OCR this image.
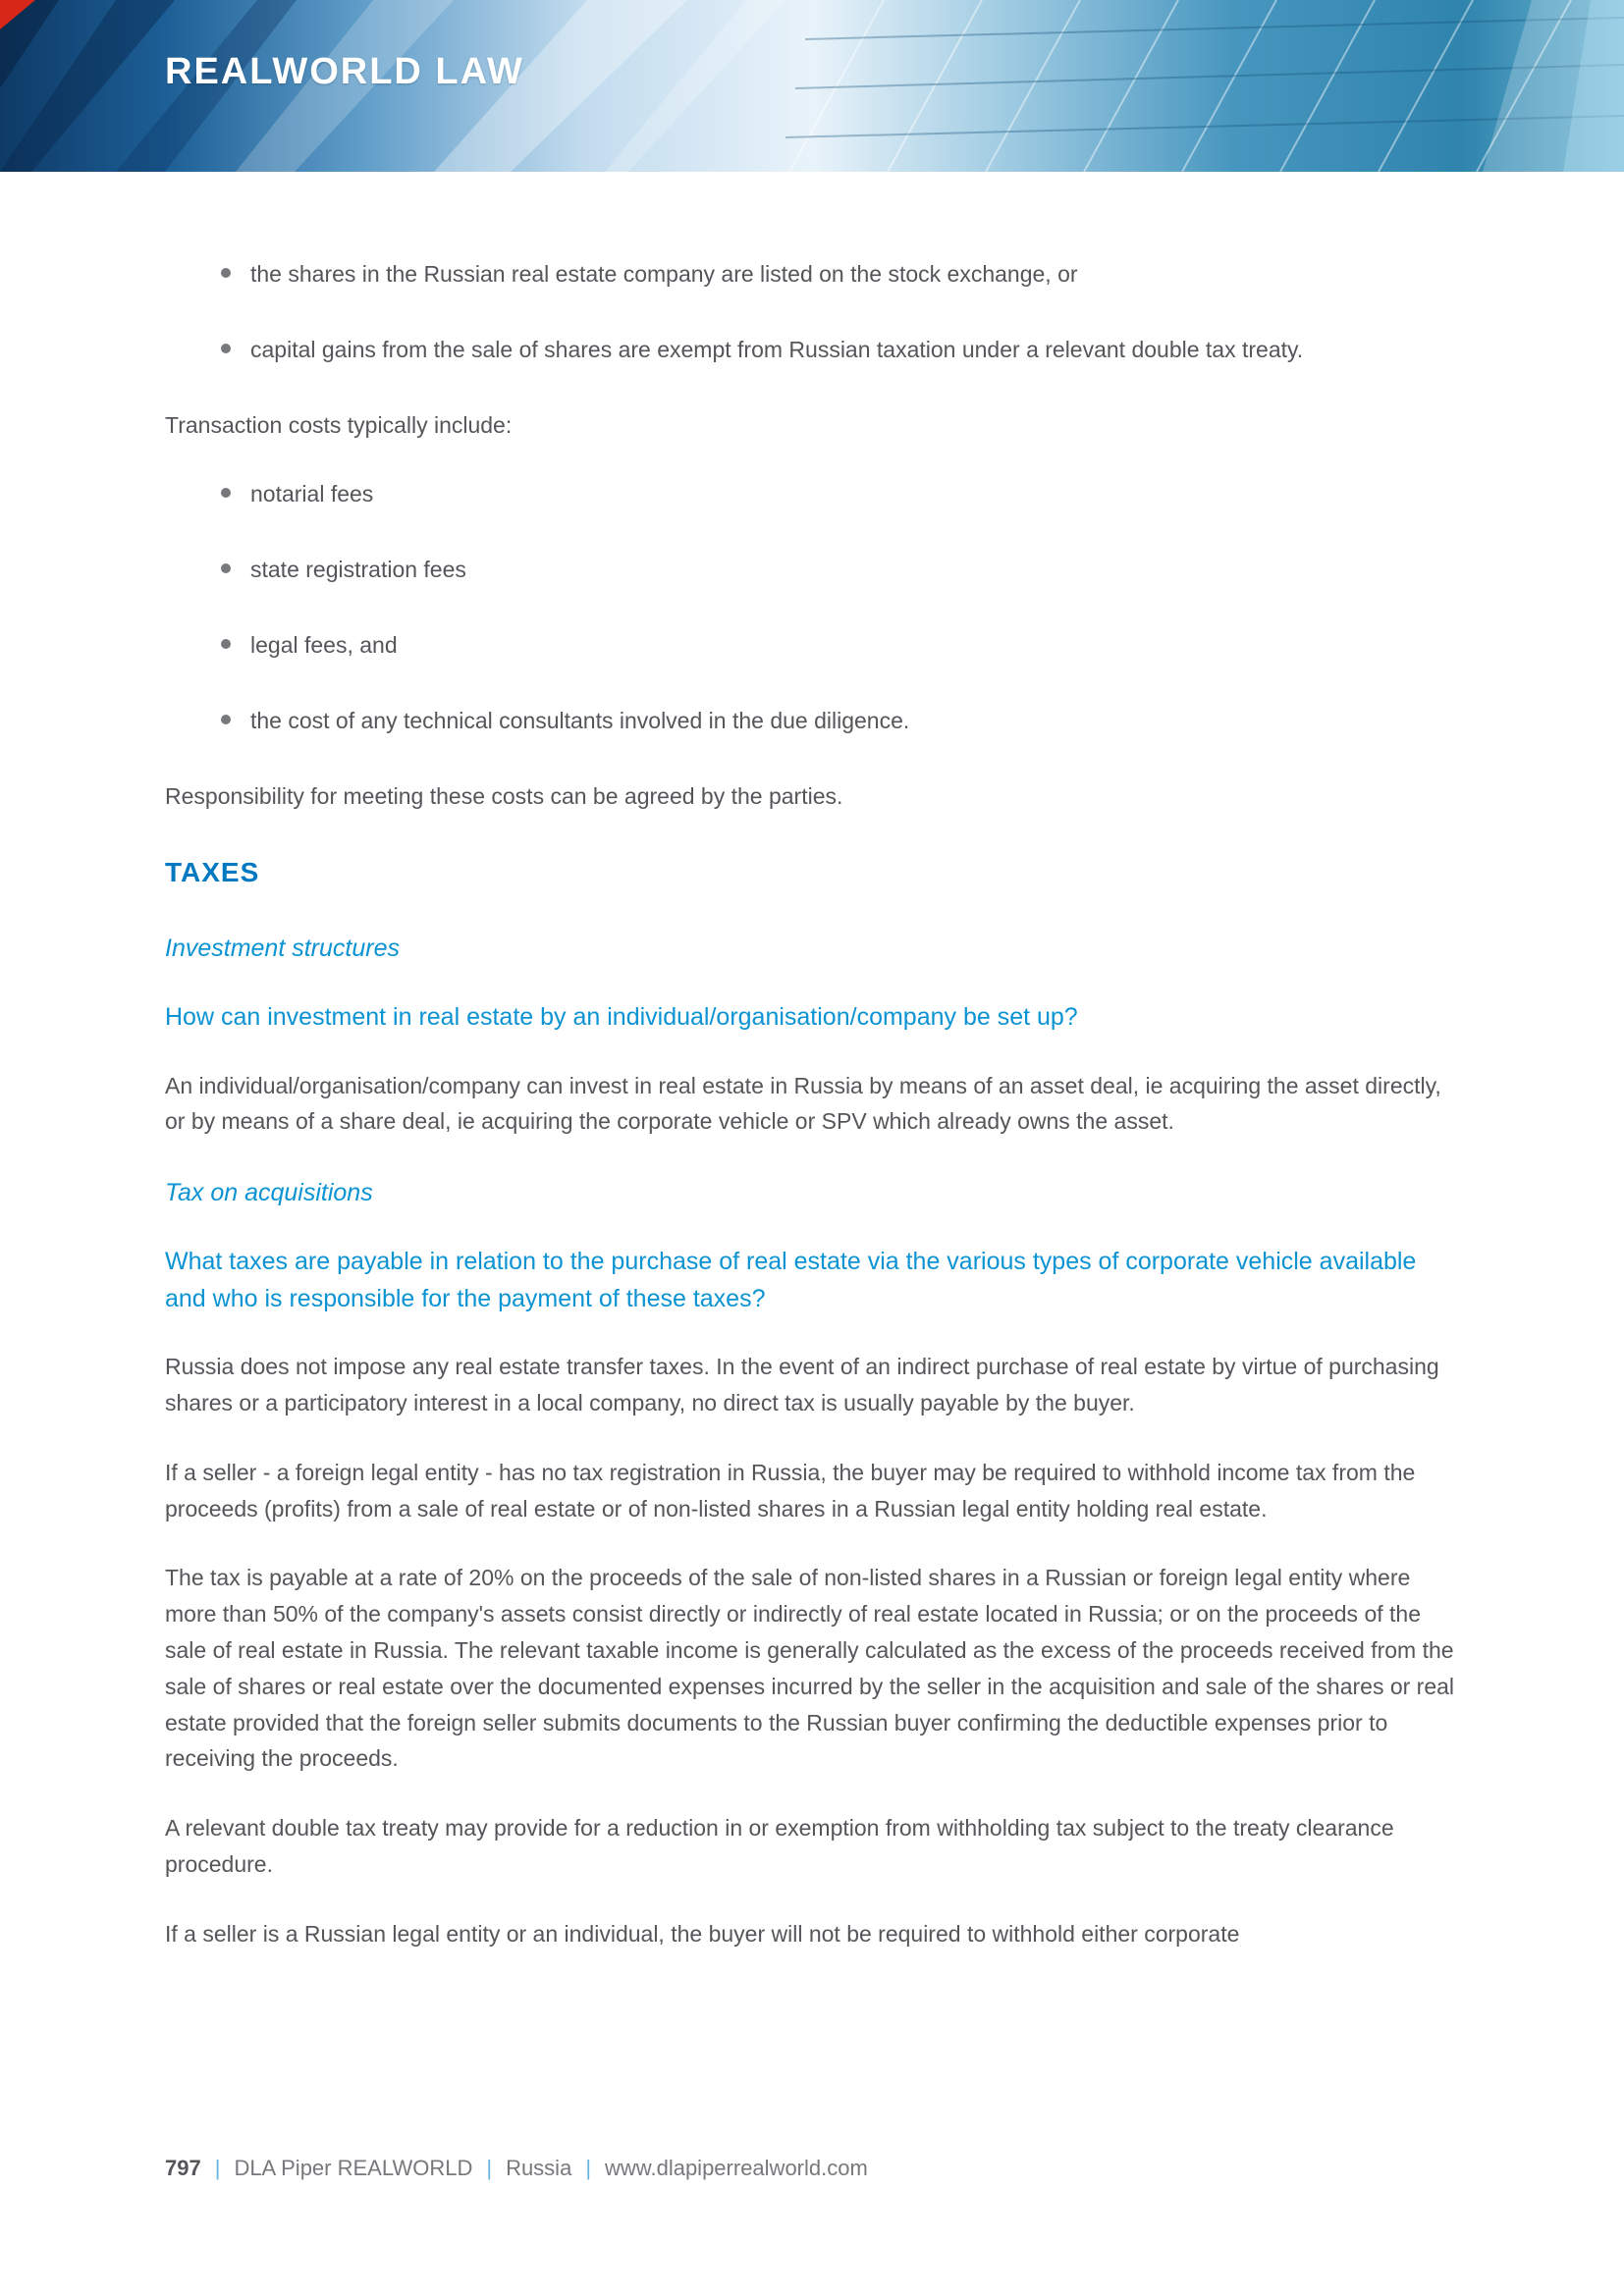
REALWORLD LAW
the shares in the Russian real estate company are listed on the stock exchange, or
capital gains from the sale of shares are exempt from Russian taxation under a relevant double tax treaty.

Transaction costs typically include:

notarial fees
state registration fees
legal fees, and
the cost of any technical consultants involved in the due diligence.

Responsibility for meeting these costs can be agreed by the parties.

TAXES
Investment structures
How can investment in real estate by an individual/organisation/company be set up?

An individual/organisation/company can invest in real estate in Russia by means of an asset deal, ie acquiring the asset directly, or by means of a share deal, ie acquiring the corporate vehicle or SPV which already owns the asset.

Tax on acquisitions
What taxes are payable in relation to the purchase of real estate via the various types of corporate vehicle available and who is responsible for the payment of these taxes?

Russia does not impose any real estate transfer taxes. In the event of an indirect purchase of real estate by virtue of purchasing shares or a participatory interest in a local company, no direct tax is usually payable by the buyer.

If a seller - a foreign legal entity - has no tax registration in Russia, the buyer may be required to withhold income tax from the proceeds (profits) from a sale of real estate or of non-listed shares in a Russian legal entity holding real estate.

The tax is payable at a rate of 20% on the proceeds of the sale of non-listed shares in a Russian or foreign legal entity where more than 50% of the company's assets consist directly or indirectly of real estate located in Russia; or on the proceeds of the sale of real estate in Russia. The relevant taxable income is generally calculated as the excess of the proceeds received from the sale of shares or real estate over the documented expenses incurred by the seller in the acquisition and sale of the shares or real estate provided that the foreign seller submits documents to the Russian buyer confirming the deductible expenses prior to receiving the proceeds.

A relevant double tax treaty may provide for a reduction in or exemption from withholding tax subject to the treaty clearance procedure.

If a seller is a Russian legal entity or an individual, the buyer will not be required to withhold either corporate

797 | DLA Piper REALWORLD | Russia | www.dlapiperrealworld.com
